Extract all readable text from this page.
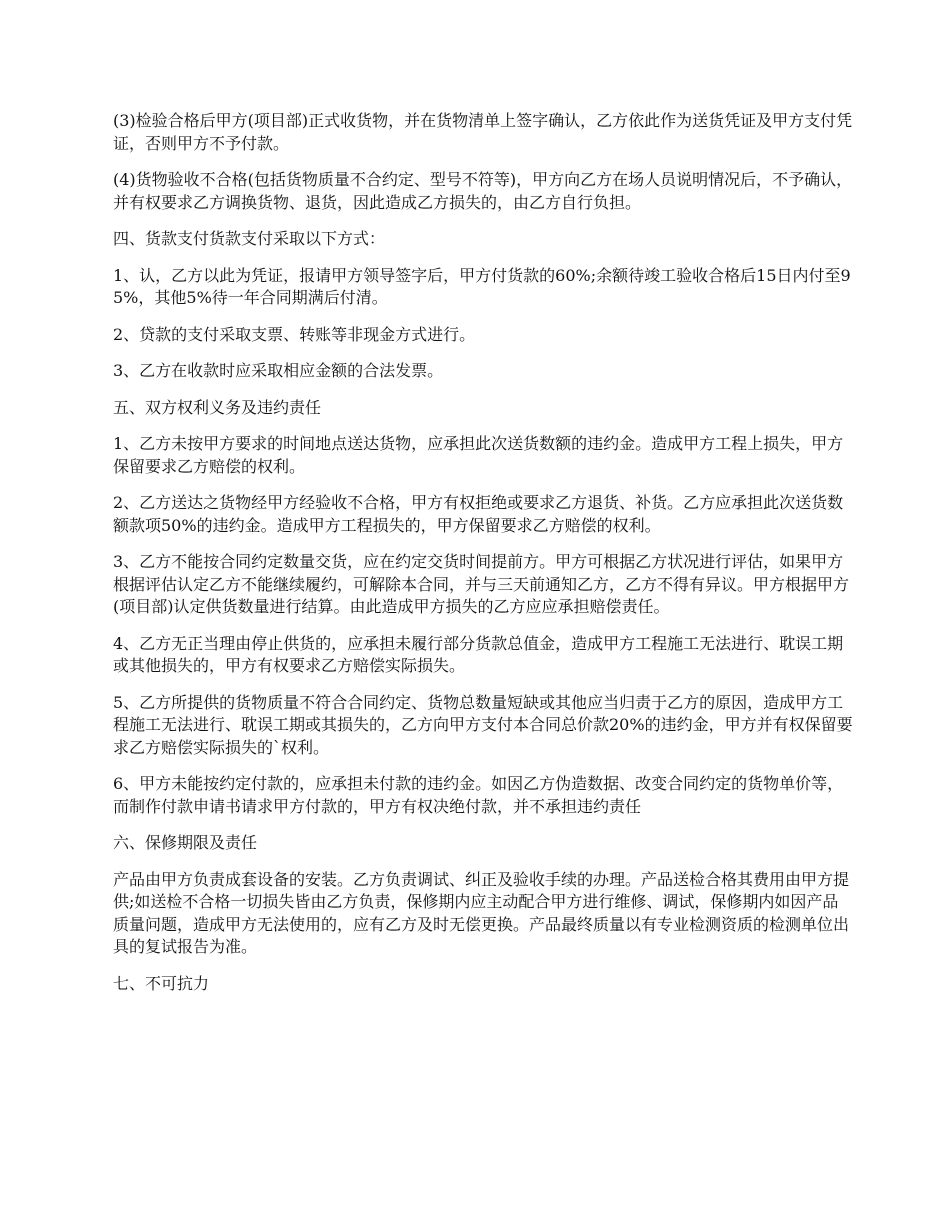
(3)检验合格后甲方(项目部)正式收货物，并在货物清单上签字确认，乙方依此作为送货凭证及甲方支付凭证，否则甲方不予付款。

(4)货物验收不合格(包括货物质量不合约定、型号不符等)，甲方向乙方在场人员说明情况后，不予确认，并有权要求乙方调换货物、退货，因此造成乙方损失的，由乙方自行负担。

四、货款支付货款支付采取以下方式：

1、认，乙方以此为凭证，报请甲方领导签字后，甲方付货款的60%;余额待竣工验收合格后15日内付至95%，其他5%待一年合同期满后付清。

2、贷款的支付采取支票、转账等非现金方式进行。

3、乙方在收款时应采取相应金额的合法发票。

五、双方权利义务及违约责任

1、乙方未按甲方要求的时间地点送达货物，应承担此次送货数额的违约金。造成甲方工程上损失，甲方保留要求乙方赔偿的权利。

2、乙方送达之货物经甲方经验收不合格，甲方有权拒绝或要求乙方退货、补货。乙方应承担此次送货数额款项50%的违约金。造成甲方工程损失的，甲方保留要求乙方赔偿的权利。

3、乙方不能按合同约定数量交货，应在约定交货时间提前方。甲方可根据乙方状况进行评估，如果甲方根据评估认定乙方不能继续履约，可解除本合同，并与三天前通知乙方，乙方不得有异议。甲方根据甲方(项目部)认定供货数量进行结算。由此造成甲方损失的乙方应应承担赔偿责任。

4、乙方无正当理由停止供货的，应承担未履行部分货款总值金，造成甲方工程施工无法进行、耽误工期或其他损失的，甲方有权要求乙方赔偿实际损失。

5、乙方所提供的货物质量不符合合同约定、货物总数量短缺或其他应当归责于乙方的原因，造成甲方工程施工无法进行、耽误工期或其损失的，乙方向甲方支付本合同总价款20%的违约金，甲方并有权保留要求乙方赔偿实际损失的`权利。

6、甲方未能按约定付款的，应承担未付款的违约金。如因乙方伪造数据、改变合同约定的货物单价等，而制作付款申请书请求甲方付款的，甲方有权决绝付款，并不承担违约责任

六、保修期限及责任

产品由甲方负责成套设备的安装。乙方负责调试、纠正及验收手续的办理。产品送检合格其费用由甲方提供;如送检不合格一切损失皆由乙方负责，保修期内应主动配合甲方进行维修、调试，保修期内如因产品质量问题，造成甲方无法使用的，应有乙方及时无偿更换。产品最终质量以有专业检测资质的检测单位出具的复试报告为准。

七、不可抗力
